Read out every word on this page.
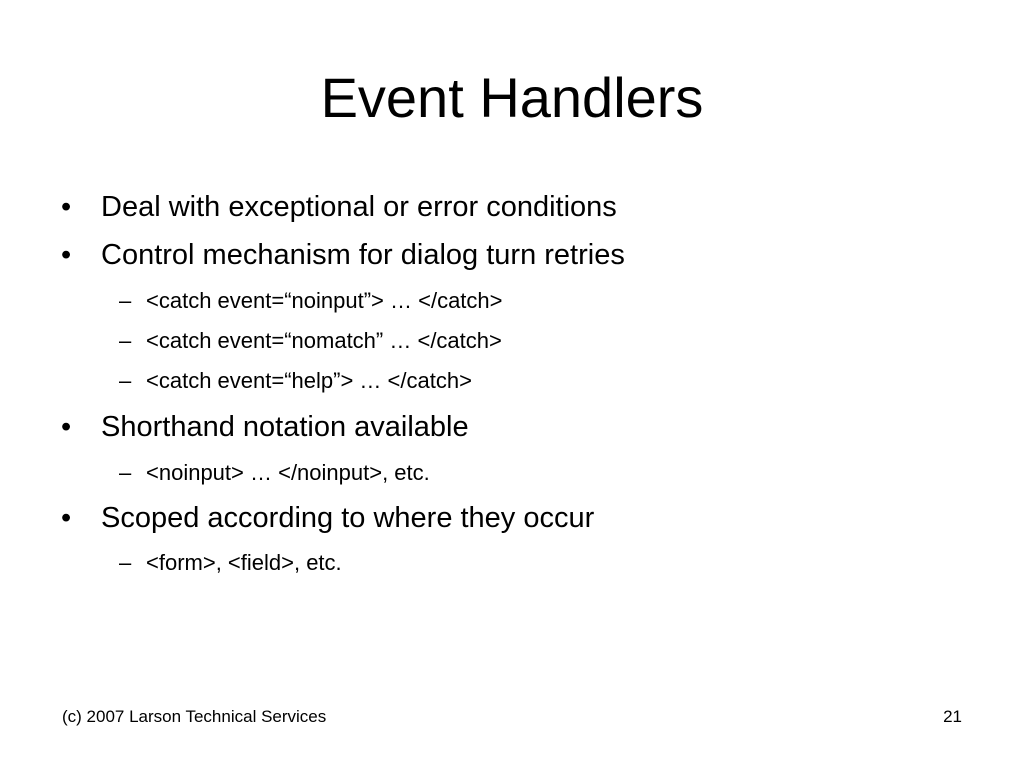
Event Handlers
• Deal with exceptional or error conditions
• Control mechanism for dialog turn retries
– <catch event=“noinput”> … </catch>
– <catch event=“nomatch” … </catch>
– <catch event=“help”> … </catch>
• Shorthand notation available
– <noinput> … </noinput>, etc.
• Scoped according to where they occur
– <form>, <field>, etc.
(c) 2007 Larson Technical Services	21
